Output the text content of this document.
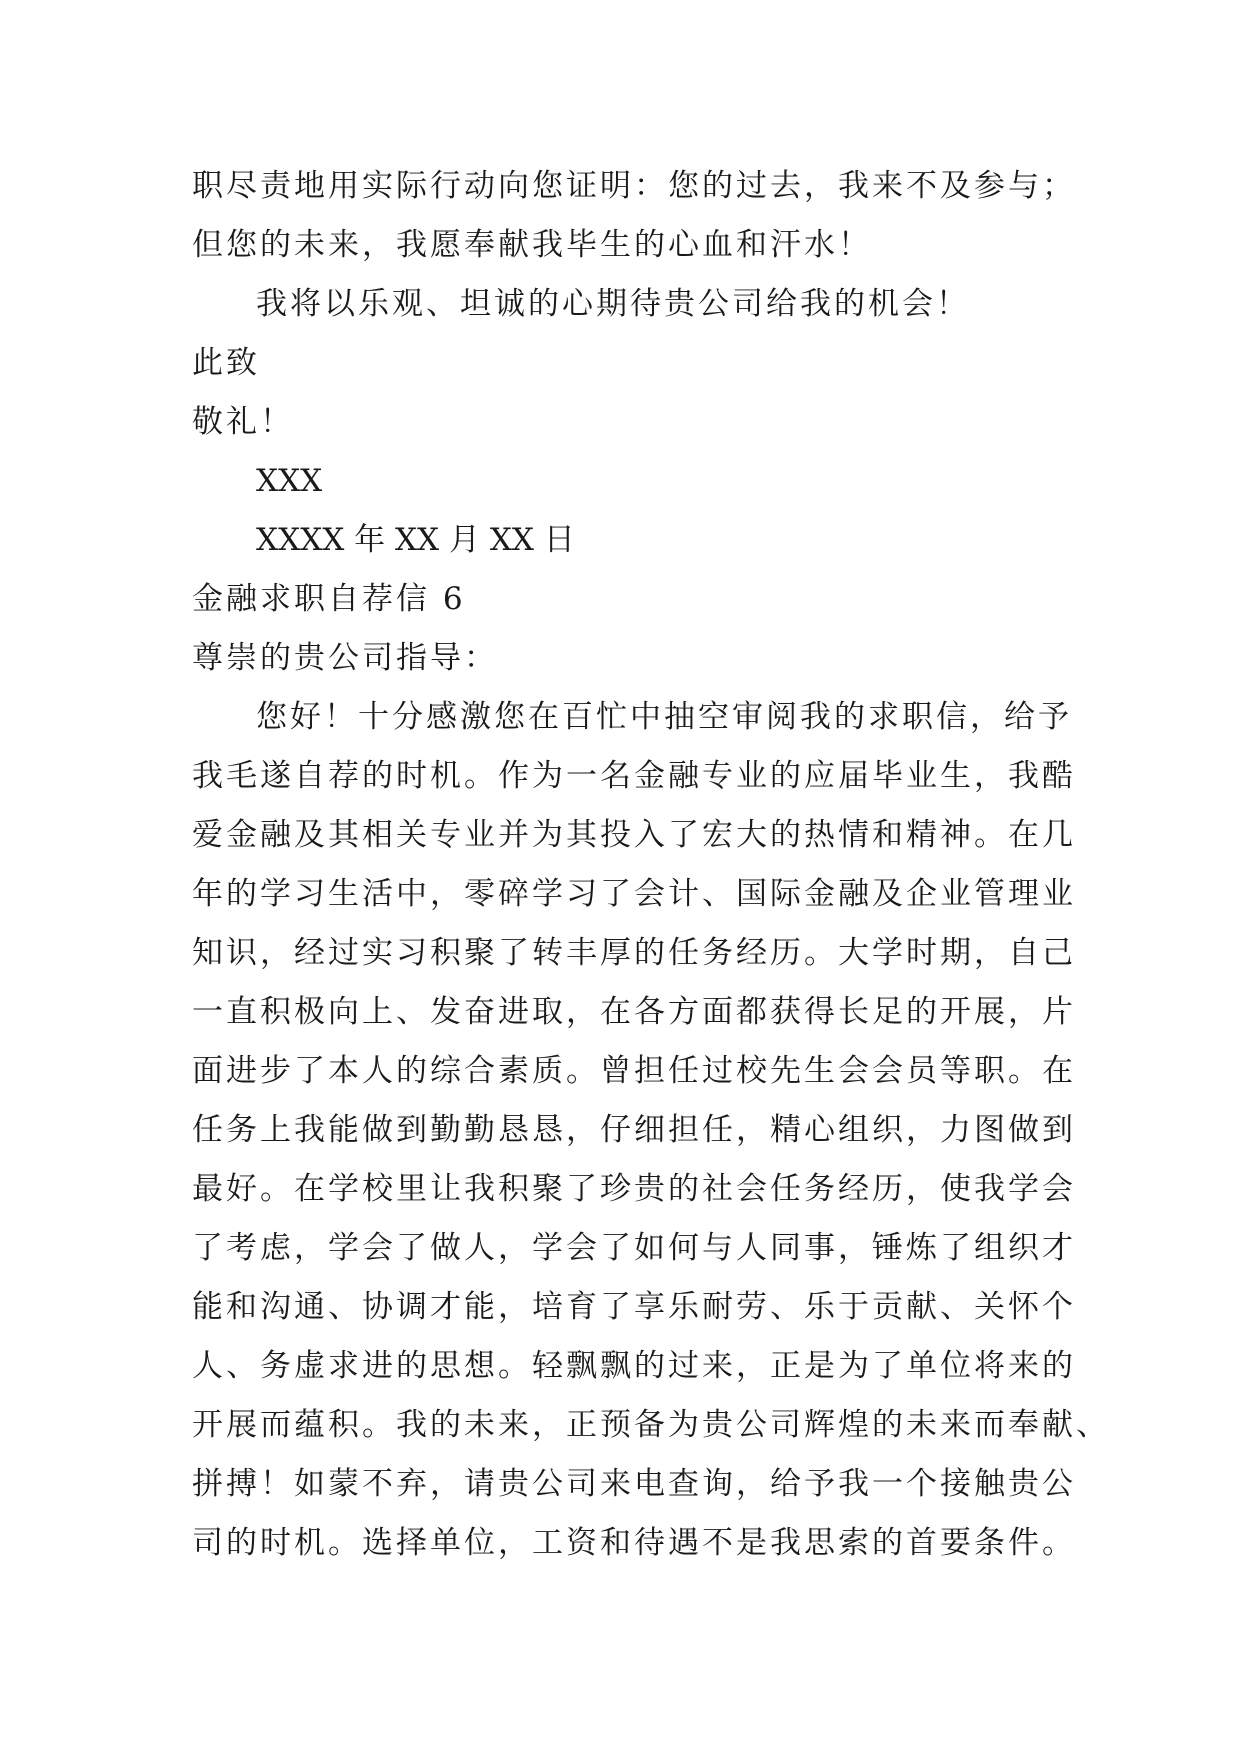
职尽责地用实际行动向您证明：您的过去，我来不及参与；
但您的未来，我愿奉献我毕生的心血和汗水！
我将以乐观、坦诚的心期待贵公司给我的机会！
此致
敬礼！
XXX
XXXX 年 XX 月 XX 日
金融求职自荐信 6
尊崇的贵公司指导：
您好！十分感激您在百忙中抽空审阅我的求职信，给予
我毛遂自荐的时机。作为一名金融专业的应届毕业生，我酷
爱金融及其相关专业并为其投入了宏大的热情和精神。在几
年的学习生活中，零碎学习了会计、国际金融及企业管理业
知识，经过实习积聚了转丰厚的任务经历。大学时期，自己
一直积极向上、发奋进取，在各方面都获得长足的开展，片
面进步了本人的综合素质。曾担任过校先生会会员等职。在
任务上我能做到勤勤恳恳，仔细担任，精心组织，力图做到
最好。在学校里让我积聚了珍贵的社会任务经历，使我学会
了考虑，学会了做人，学会了如何与人同事，锤炼了组织才
能和沟通、协调才能，培育了享乐耐劳、乐于贡献、关怀个
人、务虚求进的思想。轻飘飘的过来，正是为了单位将来的
开展而蕴积。我的未来，正预备为贵公司辉煌的未来而奉献、
拼搏！如蒙不弃，请贵公司来电查询，给予我一个接触贵公
司的时机。选择单位，工资和待遇不是我思索的首要条件。
